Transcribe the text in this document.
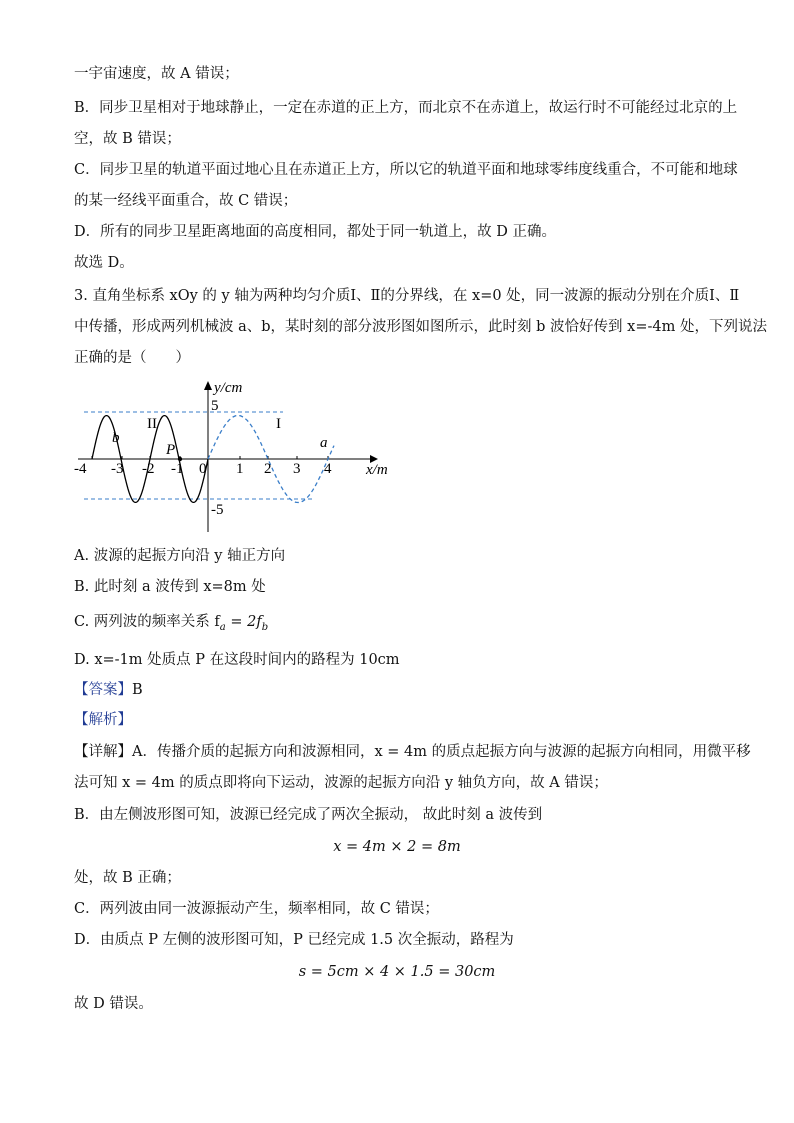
一宇宙速度，故 A 错误；
B．同步卫星相对于地球静止，一定在赤道的正上方，而北京不在赤道上，故运行时不可能经过北京的上
空，故 B 错误；
C．同步卫星的轨道平面过地心且在赤道正上方，所以它的轨道平面和地球零纬度线重合，不可能和地球
的某一经线平面重合，故 C 错误；
D．所有的同步卫星距离地面的高度相同，都处于同一轨道上，故 D 正确。
故选 D。
3. 直角坐标系 xOy 的 y 轴为两种均匀介质Ⅰ、Ⅱ的分界线，在 x=0 处，同一波源的振动分别在介质Ⅰ、Ⅱ
中传播，形成两列机械波 a、b，某时刻的部分波形图如图所示，此时刻 b 波恰好传到 x=-4m 处，下列说法
正确的是（　　）
y/cm
x/m
5
-5
0
-4 -3 -2 -1	1 2 3 4
II	I
b	a
P
A. 波源的起振方向沿 y 轴正方向
B. 此时刻 a 波传到 x=8m 处
C. 两列波的频率关系 $f_a = 2f_b$
D. x=-1m 处质点 P 在这段时间内的路程为 10cm
【答案】B
【解析】
【详解】A．传播介质的起振方向和波源相同，x = 4m 的质点起振方向与波源的起振方向相同，用微平移
法可知 x = 4m 的质点即将向下运动，波源的起振方向沿 y 轴负方向，故 A 错误；
B．由左侧波形图可知，波源已经完成了两次全振动， 故此时刻 a 波传到
x = 4m × 2 = 8m
处，故 B 正确；
C．两列波由同一波源振动产生，频率相同，故 C 错误；
D．由质点 P 左侧的波形图可知，P 已经完成 1.5 次全振动，路程为
s = 5cm × 4 × 1.5 = 30cm
故 D 错误。
